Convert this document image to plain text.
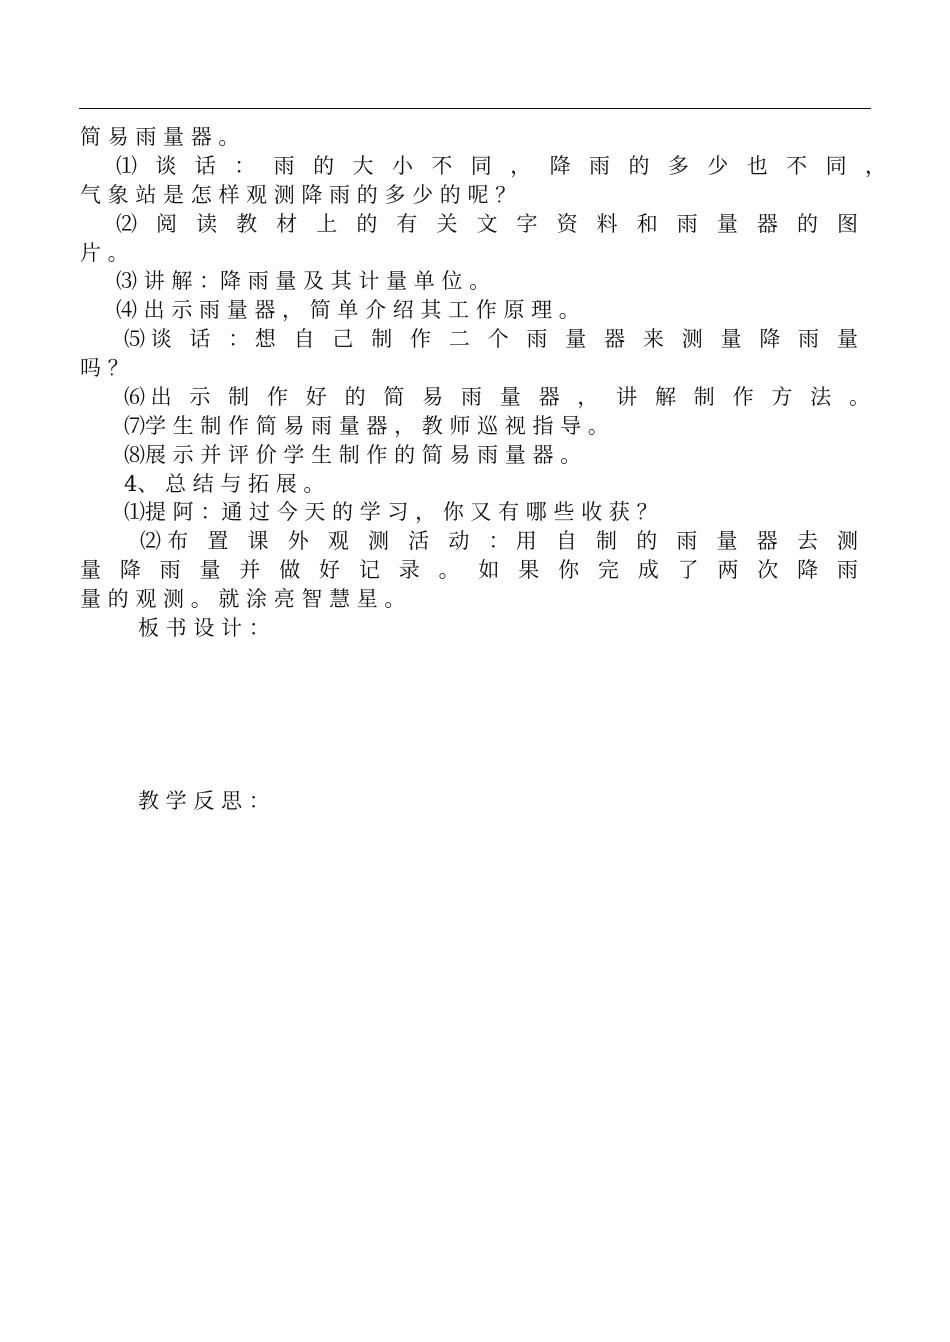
简 易 雨 量 器 。
⑴ 谈 话 ： 雨 的 大 小 不 同 ， 降 雨 的 多 少 也 不 同 ，
气 象 站 是 怎 样 观 测 降 雨 的 多 少 的 呢 ？
⑵ 阅 读 教 材 上 的 有 关 文 字 资 料 和 雨 量 器 的 图
片 。
⑶ 讲 解 ：降 雨 量 及 其 计 量 单 位 。
⑷ 出 示 雨 量 器 ， 简 单 介 绍 其 工 作 原 理 。
⑸谈 话 ：想 自 己 制 作 二 个 雨 量 器 来 测 量 降 雨 量
吗 ？
⑹出 示 制 作 好 的 简 易 雨 量 器 ， 讲 解 制 作 方 法 。
⑺学 生 制 作 简 易 雨 量 器 ， 教 师 巡 视 指 导 。
⑻展 示 并 评 价 学 生 制 作 的 简 易 雨 量 器 。
4、 总 结 与 拓 展 。
⑴提 阿 ：通 过 今 天 的 学 习 ， 你 又 有 哪 些 收 获 ？
⑵布 置 课 外 观 测 活 动 ：用 自 制 的 雨 量 器 去 测
量 降 雨 量 并 做 好 记 录 。 如 果 你 完 成 了 两 次 降 雨
量 的 观 测 。 就 涂 亮 智 慧 星 。
板 书 设 计 ：
教 学 反 思 ：
